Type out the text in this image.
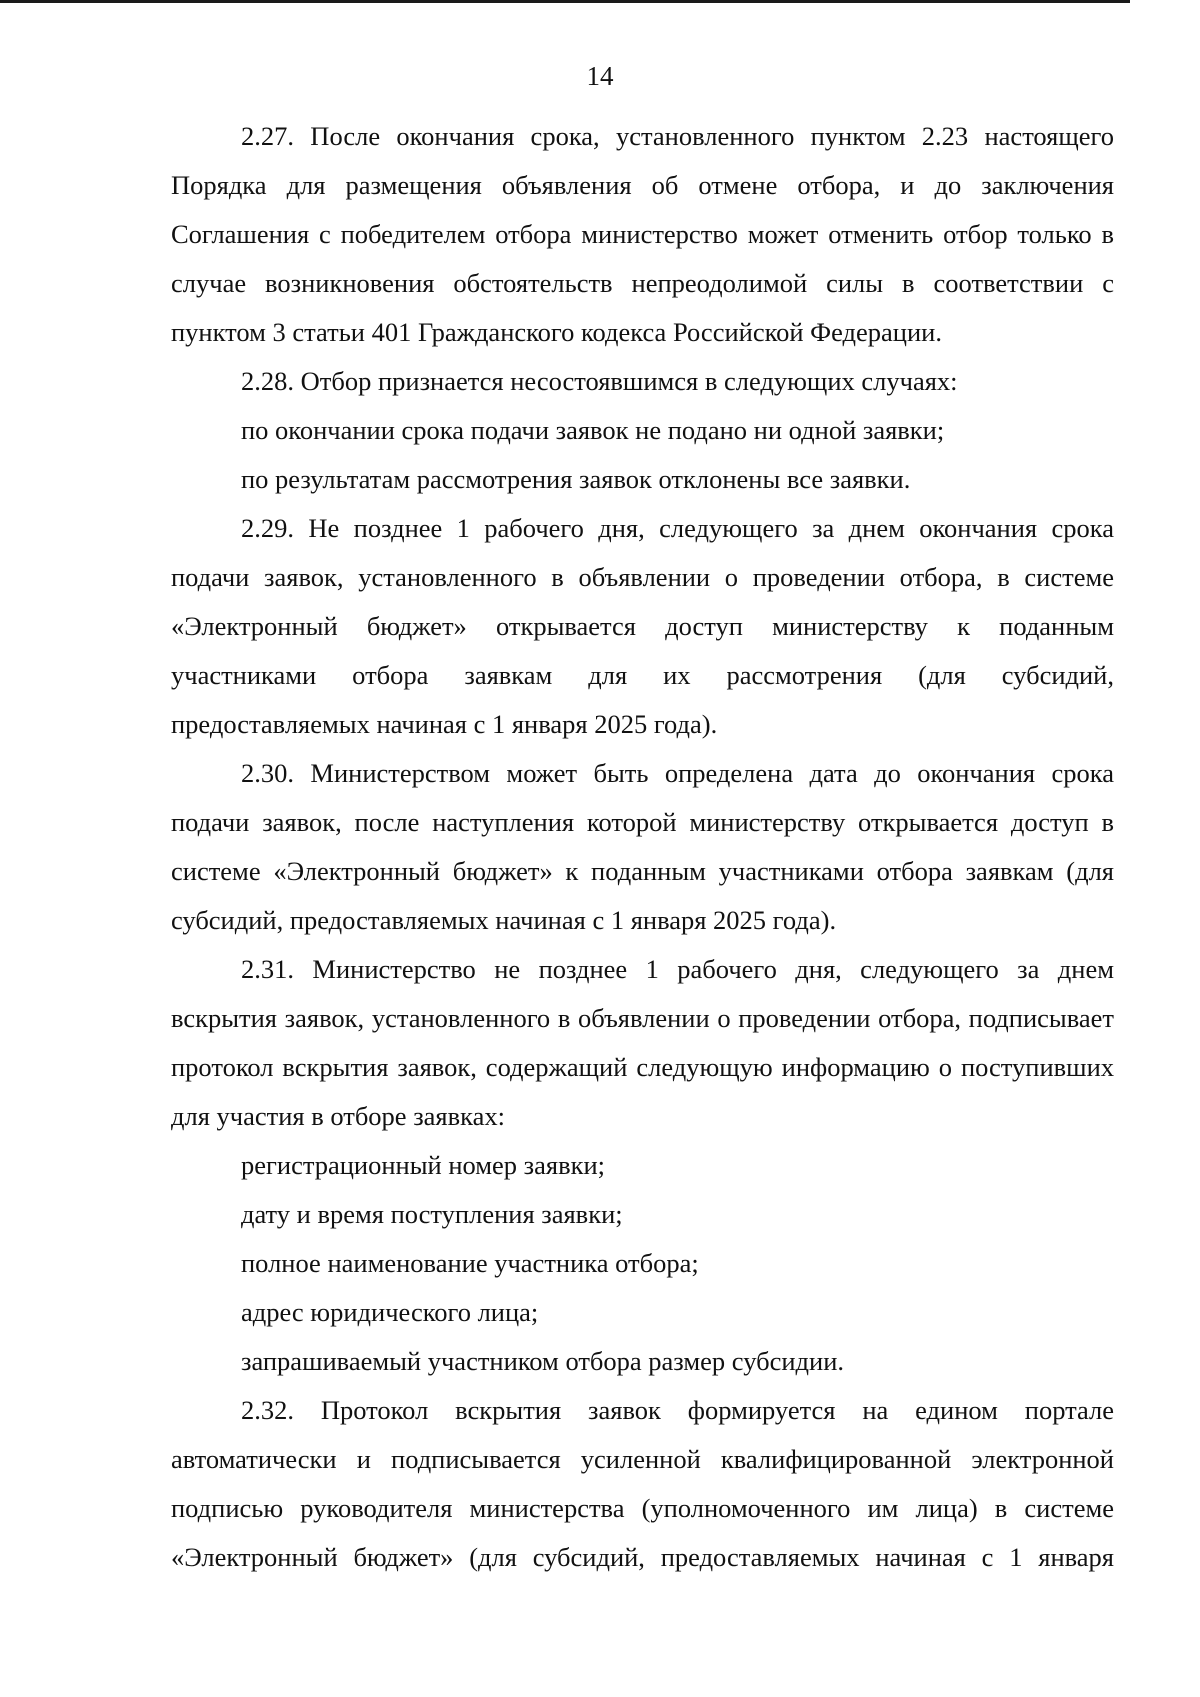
14

2.27. После окончания срока, установленного пунктом 2.23 настоящего Порядка для размещения объявления об отмене отбора, и до заключения Соглашения с победителем отбора министерство может отменить отбор только в случае возникновения обстоятельств непреодолимой силы в соответствии с пунктом 3 статьи 401 Гражданского кодекса Российской Федерации.

2.28. Отбор признается несостоявшимся в следующих случаях:

по окончании срока подачи заявок не подано ни одной заявки;

по результатам рассмотрения заявок отклонены все заявки.

2.29. Не позднее 1 рабочего дня, следующего за днем окончания срока подачи заявок, установленного в объявлении о проведении отбора, в системе «Электронный бюджет» открывается доступ министерству к поданным участниками отбора заявкам для их рассмотрения (для субсидий, предоставляемых начиная с 1 января 2025 года).

2.30. Министерством может быть определена дата до окончания срока подачи заявок, после наступления которой министерству открывается доступ в системе «Электронный бюджет» к поданным участниками отбора заявкам (для субсидий, предоставляемых начиная с 1 января 2025 года).

2.31. Министерство не позднее 1 рабочего дня, следующего за днем вскрытия заявок, установленного в объявлении о проведении отбора, подписывает протокол вскрытия заявок, содержащий следующую информацию о поступивших для участия в отборе заявках:

регистрационный номер заявки;

дату и время поступления заявки;

полное наименование участника отбора;

адрес юридического лица;

запрашиваемый участником отбора размер субсидии.

2.32. Протокол вскрытия заявок формируется на едином портале автоматически и подписывается усиленной квалифицированной электронной подписью руководителя министерства (уполномоченного им лица) в системе «Электронный бюджет» (для субсидий, предоставляемых начиная с 1 января
